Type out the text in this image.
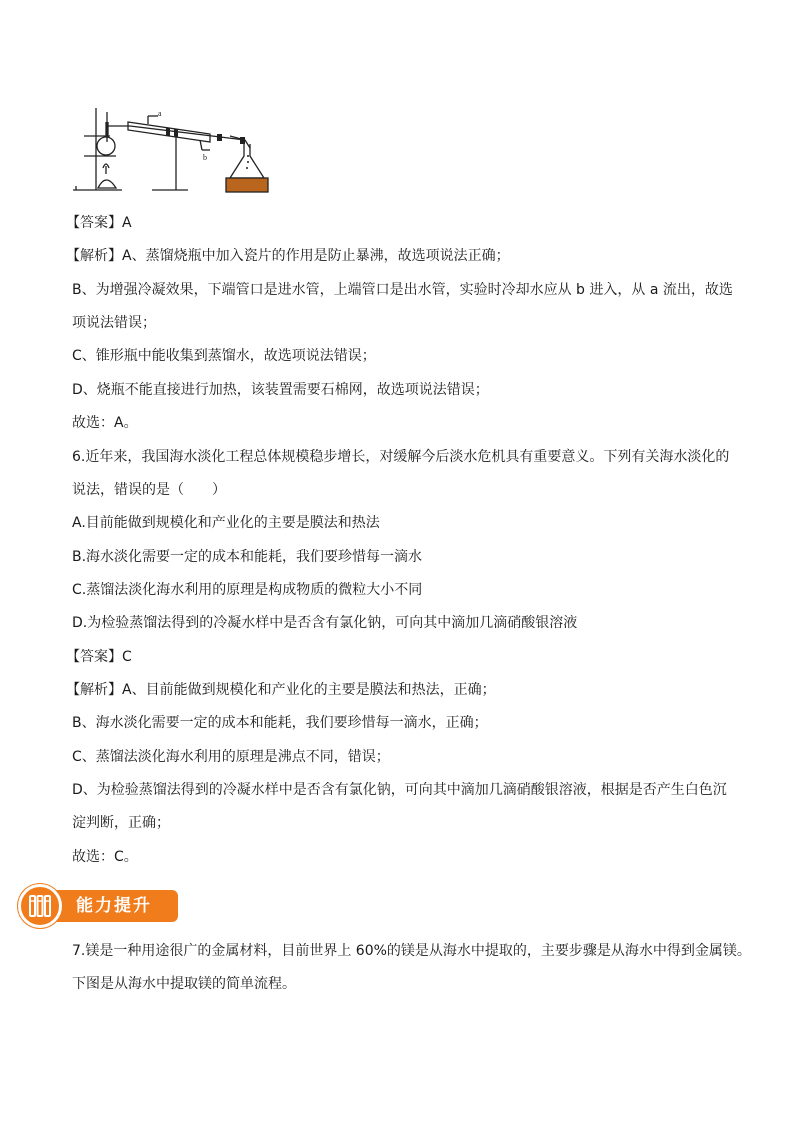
a
b
【答案】A
【解析】A、蒸馏烧瓶中加入瓷片的作用是防止暴沸，故选项说法正确；
B、为增强冷凝效果，下端管口是进水管，上端管口是出水管，实验时冷却水应从 b 进入，从 a 流出，故选
项说法错误；
C、锥形瓶中能收集到蒸馏水，故选项说法错误；
D、烧瓶不能直接进行加热，该装置需要石棉网，故选项说法错误；
故选：A。
6.近年来，我国海水淡化工程总体规模稳步增长，对缓解今后淡水危机具有重要意义。下列有关海水淡化的
说法，错误的是（　　）
A.目前能做到规模化和产业化的主要是膜法和热法
B.海水淡化需要一定的成本和能耗，我们要珍惜每一滴水
C.蒸馏法淡化海水利用的原理是构成物质的微粒大小不同
D.为检验蒸馏法得到的冷凝水样中是否含有氯化钠，可向其中滴加几滴硝酸银溶液
【答案】C
【解析】A、目前能做到规模化和产业化的主要是膜法和热法，正确；
B、海水淡化需要一定的成本和能耗，我们要珍惜每一滴水，正确；
C、蒸馏法淡化海水利用的原理是沸点不同，错误；
D、为检验蒸馏法得到的冷凝水样中是否含有氯化钠，可向其中滴加几滴硝酸银溶液，根据是否产生白色沉
淀判断，正确；
故选：C。
能力提升
7.镁是一种用途很广的金属材料，目前世界上 60%的镁是从海水中提取的，主要步骤是从海水中得到金属镁。
下图是从海水中提取镁的简单流程。
